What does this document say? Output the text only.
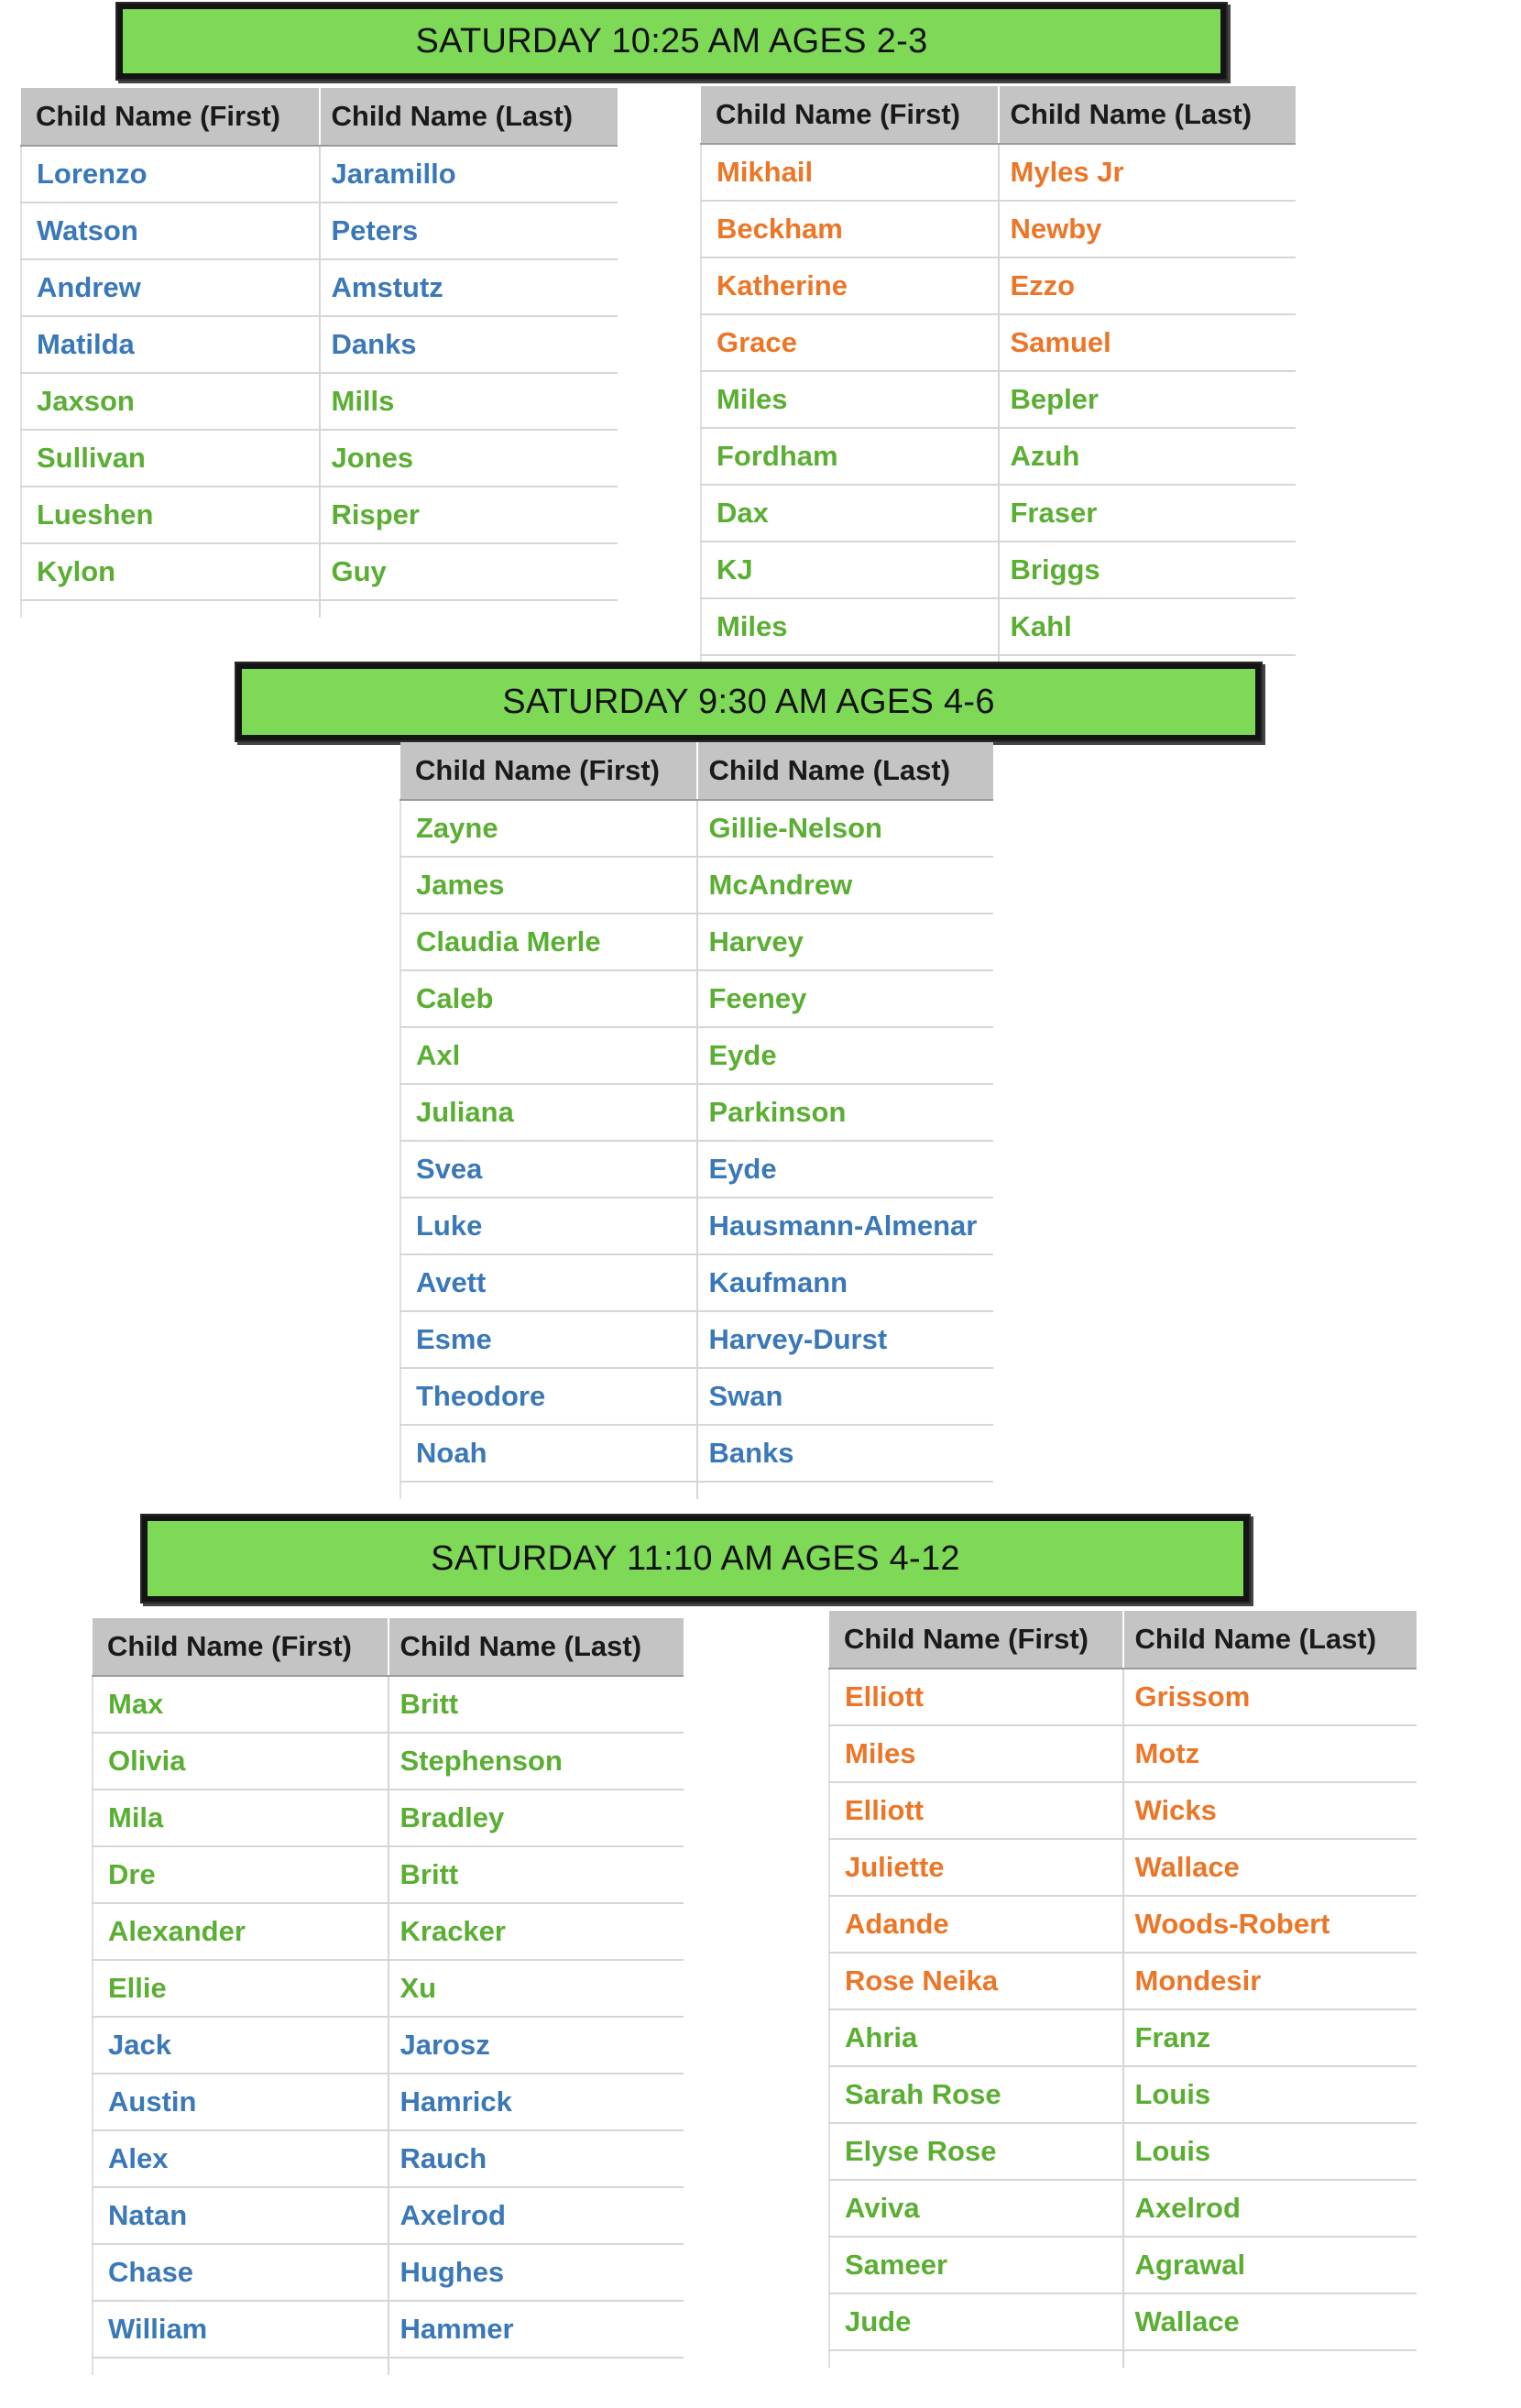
SATURDAY 10:25 AM AGES 2-3
Child Name (First)	Child Name (Last)
Lorenzo	Jaramillo
Watson	Peters
Andrew	Amstutz
Matilda	Danks
Jaxson	Mills
Sullivan	Jones
Lueshen	Risper
Kylon	Guy

Child Name (First)	Child Name (Last)
Mikhail	Myles Jr
Beckham	Newby
Katherine	Ezzo
Grace	Samuel
Miles	Bepler
Fordham	Azuh
Dax	Fraser
KJ	Briggs
Miles	Kahl

SATURDAY 9:30 AM AGES 4-6
Child Name (First)	Child Name (Last)
Zayne	Gillie-Nelson
James	McAndrew
Claudia Merle	Harvey
Caleb	Feeney
Axl	Eyde
Juliana	Parkinson
Svea	Eyde
Luke	Hausmann-Almenar
Avett	Kaufmann
Esme	Harvey-Durst
Theodore	Swan
Noah	Banks

SATURDAY 11:10 AM AGES 4-12
Child Name (First)	Child Name (Last)
Max	Britt
Olivia	Stephenson
Mila	Bradley
Dre	Britt
Alexander	Kracker
Ellie	Xu
Jack	Jarosz
Austin	Hamrick
Alex	Rauch
Natan	Axelrod
Chase	Hughes
William	Hammer

Child Name (First)	Child Name (Last)
Elliott	Grissom
Miles	Motz
Elliott	Wicks
Juliette	Wallace
Adande	Woods-Robert
Rose Neika	Mondesir
Ahria	Franz
Sarah Rose	Louis
Elyse Rose	Louis
Aviva	Axelrod
Sameer	Agrawal
Jude	Wallace
